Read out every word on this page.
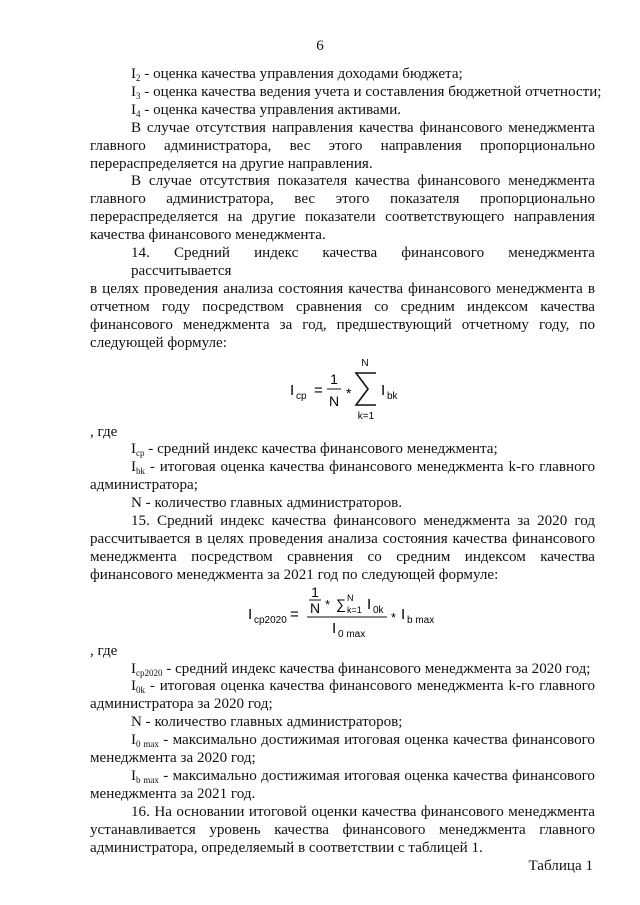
6
$I_2$ - оценка качества управления доходами бюджета;
$I_3$ - оценка качества ведения учета и составления бюджетной отчетности;
$I_4$ - оценка качества управления активами.
В случае отсутствия направления качества финансового менеджмента
главного администратора, вес этого направления пропорционально
перераспределяется на другие направления.
В случае отсутствия показателя качества финансового менеджмента
главного администратора, вес этого показателя пропорционально
перераспределяется на другие показатели соответствующего направления
качества финансового менеджмента.
14. Средний индекс качества финансового менеджмента рассчитывается
в целях проведения анализа состояния качества финансового менеджмента в
отчетном году посредством сравнения со средним индексом качества
финансового менеджмента за год, предшествующий отчетному году, по
следующей формуле:
I cp =
1
N *
N
k=1
I bk
, где
$I_{cp}$ - средний индекс качества финансового менеджмента;
$I_{bk}$ - итоговая оценка качества финансового менеджмента k-го главного
администратора;
N - количество главных администраторов.
15. Средний индекс качества финансового менеджмента за 2020 год
рассчитывается в целях проведения анализа состояния качества финансового
менеджмента посредством сравнения со средним индексом качества
финансового менеджмента за 2021 год по следующей формуле:
I cp2020 =
1
N * ∑ N
k=1 I 0k
I 0 max
* I b max
, где
$I_{cp2020}$ - средний индекс качества финансового менеджмента за 2020 год;
$I_{0k}$ - итоговая оценка качества финансового менеджмента k-го главного
администратора за 2020 год;
N - количество главных администраторов;
$I_{0 max}$ - максимально достижимая итоговая оценка качества финансового
менеджмента за 2020 год;
$I_{b max}$ - максимально достижимая итоговая оценка качества финансового
менеджмента за 2021 год.
16. На основании итоговой оценки качества финансового менеджмента
устанавливается уровень качества финансового менеджмента главного
администратора, определяемый в соответствии с таблицей 1.
Таблица 1
